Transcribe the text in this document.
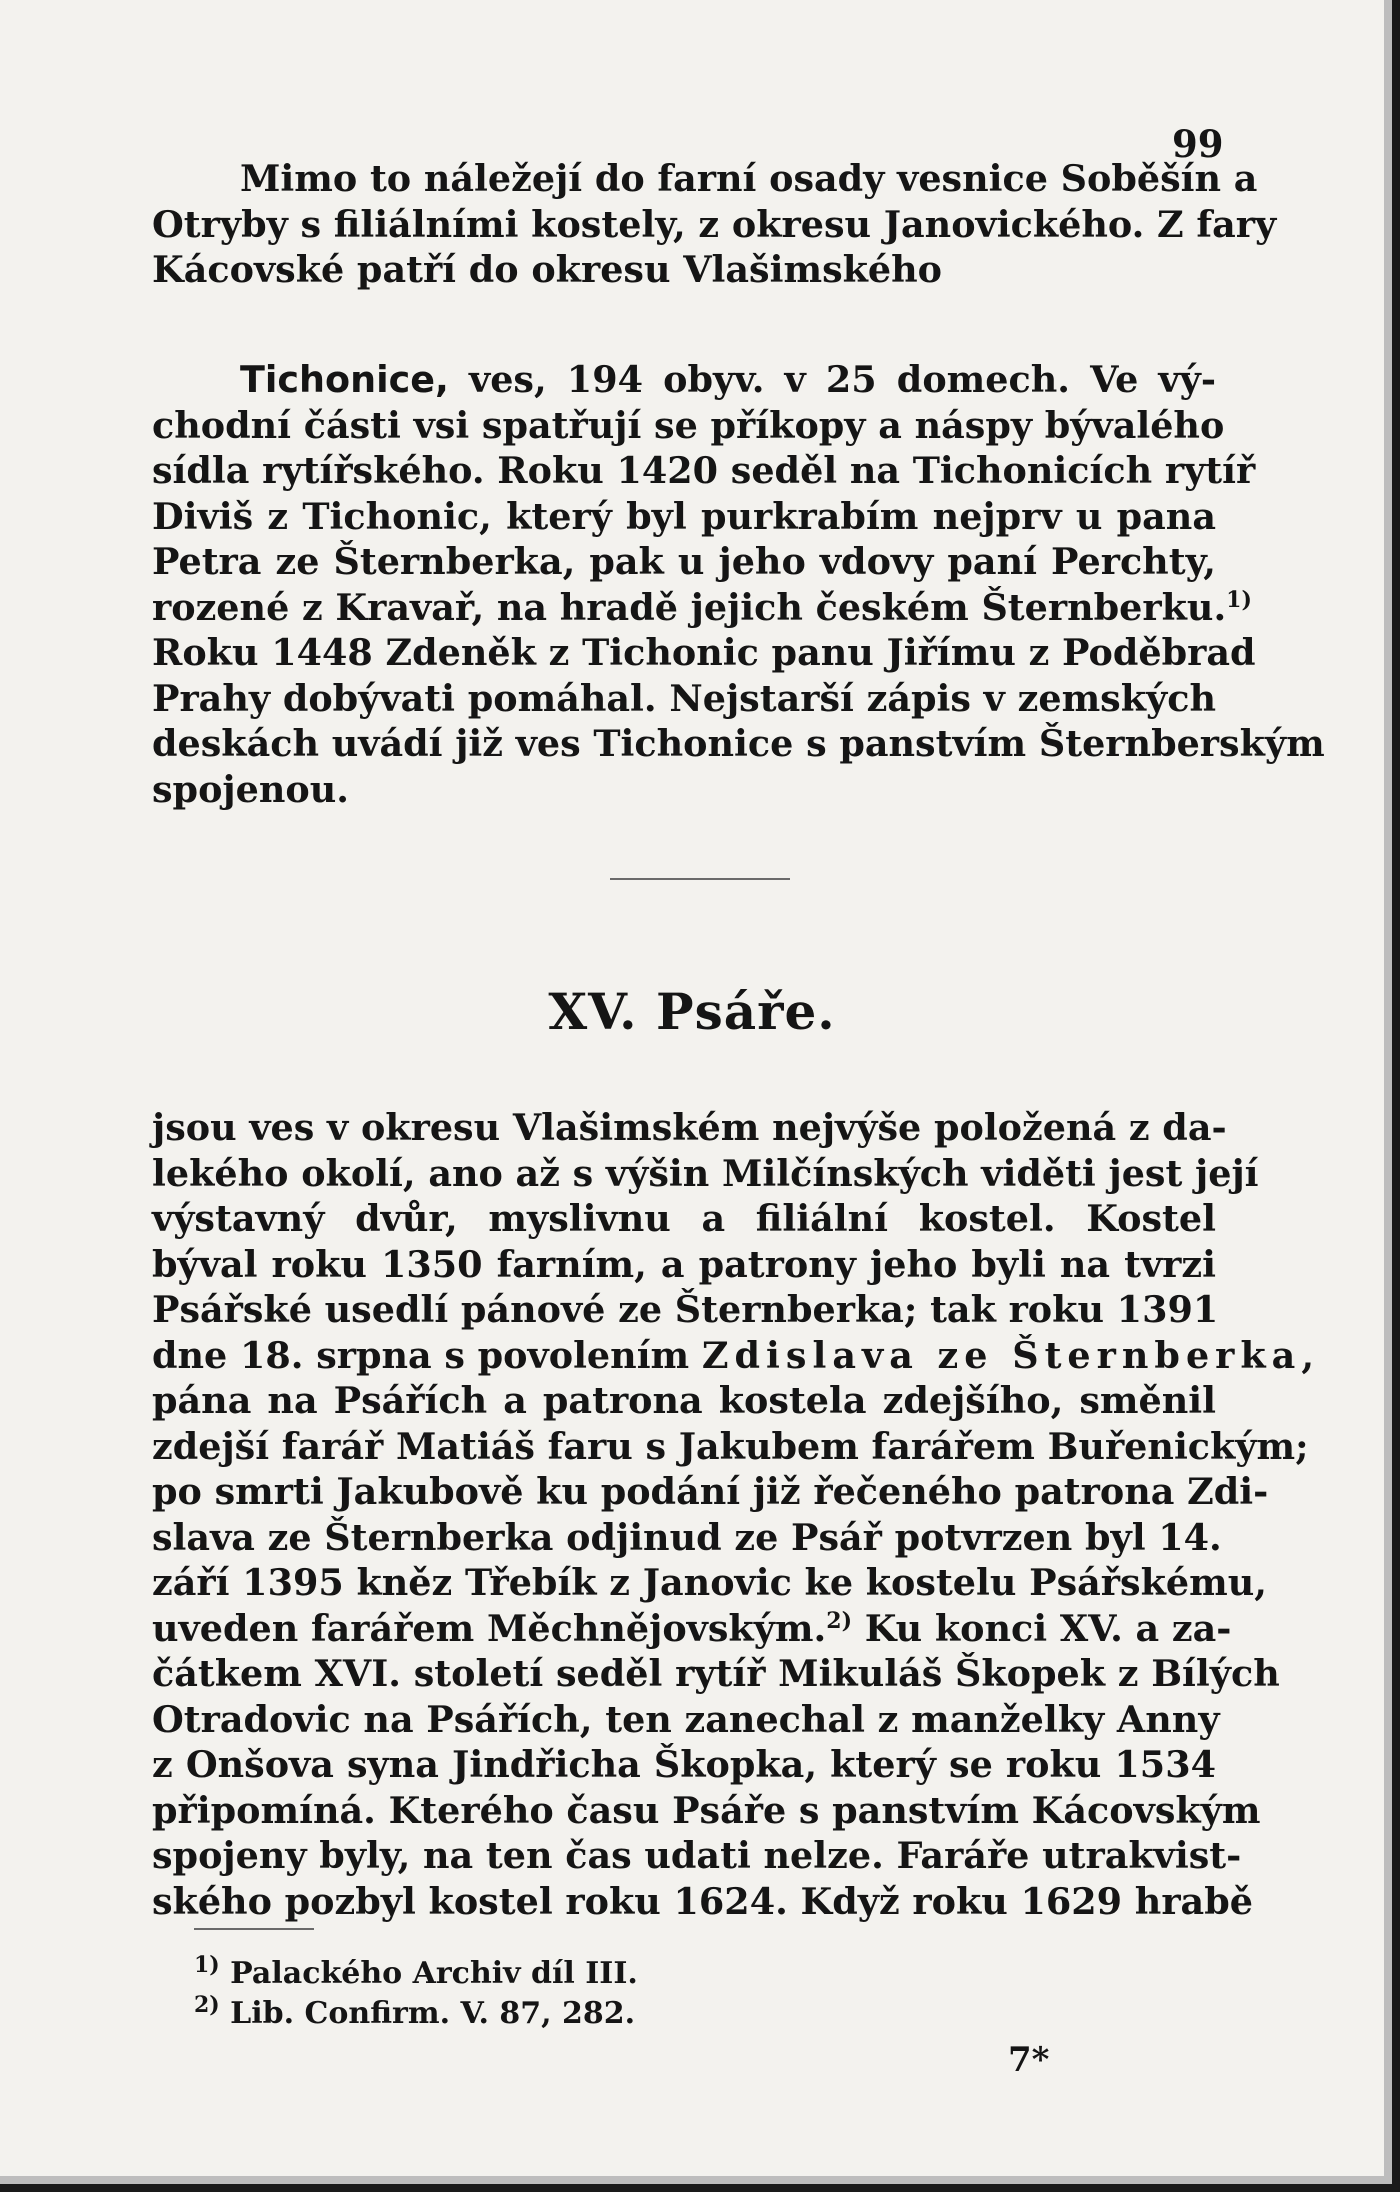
99
Mimo to náležejí do farní osady vesnice Soběšín a
Otryby s filiálními kostely, z okresu Janovického. Z fary
Kácovské patří do okresu Vlašimského
Tichonice, ves, 194 obyv. v 25 domech. Ve vý-
chodní části vsi spatřují se příkopy a náspy bývalého
sídla rytířského. Roku 1420 seděl na Tichonicích rytíř
Diviš z Tichonic, který byl purkrabím nejprv u pana
Petra ze Šternberka, pak u jeho vdovy paní Perchty,
rozené z Kravař, na hradě jejich českém Šternberku.$^{1)}$
Roku 1448 Zdeněk z Tichonic panu Jiřímu z Poděbrad
Prahy dobývati pomáhal. Nejstarší zápis v zemských
deskách uvádí již ves Tichonice s panstvím Šternberským
spojenou.
XV. Psáře.
jsou ves v okresu Vlašimském nejvýše položená z da-
lekého okolí, ano až s výšin Milčínských viděti jest její
výstavný dvůr, myslivnu a filiální kostel. Kostel
býval roku 1350 farním, a patrony jeho byli na tvrzi
Psářské usedlí pánové ze Šternberka; tak roku 1391
dne 18. srpna s povolením Zdislava ze Šternberka,
pána na Psářích a patrona kostela zdejšího, směnil
zdejší farář Matiáš faru s Jakubem farářem Buřenickým;
po smrti Jakubově ku podání již řečeného patrona Zdi-
slava ze Šternberka odjinud ze Psář potvrzen byl 14.
září 1395 kněz Třebík z Janovic ke kostelu Psářskému,
uveden farářem Měchnějovským.$^{2)}$ Ku konci XV. a za-
čátkem XVI. století seděl rytíř Mikuláš Škopek z Bílých
Otradovic na Psářích, ten zanechal z manželky Anny
z Onšova syna Jindřicha Škopka, který se roku 1534
připomíná. Kterého času Psáře s panstvím Kácovským
spojeny byly, na ten čas udati nelze. Faráře utrakvist-
ského pozbyl kostel roku 1624. Když roku 1629 hrabě
$^{1)}$ Palackého Archiv díl III.
$^{2)}$ Lib. Confirm. V. 87, 282.
7*
